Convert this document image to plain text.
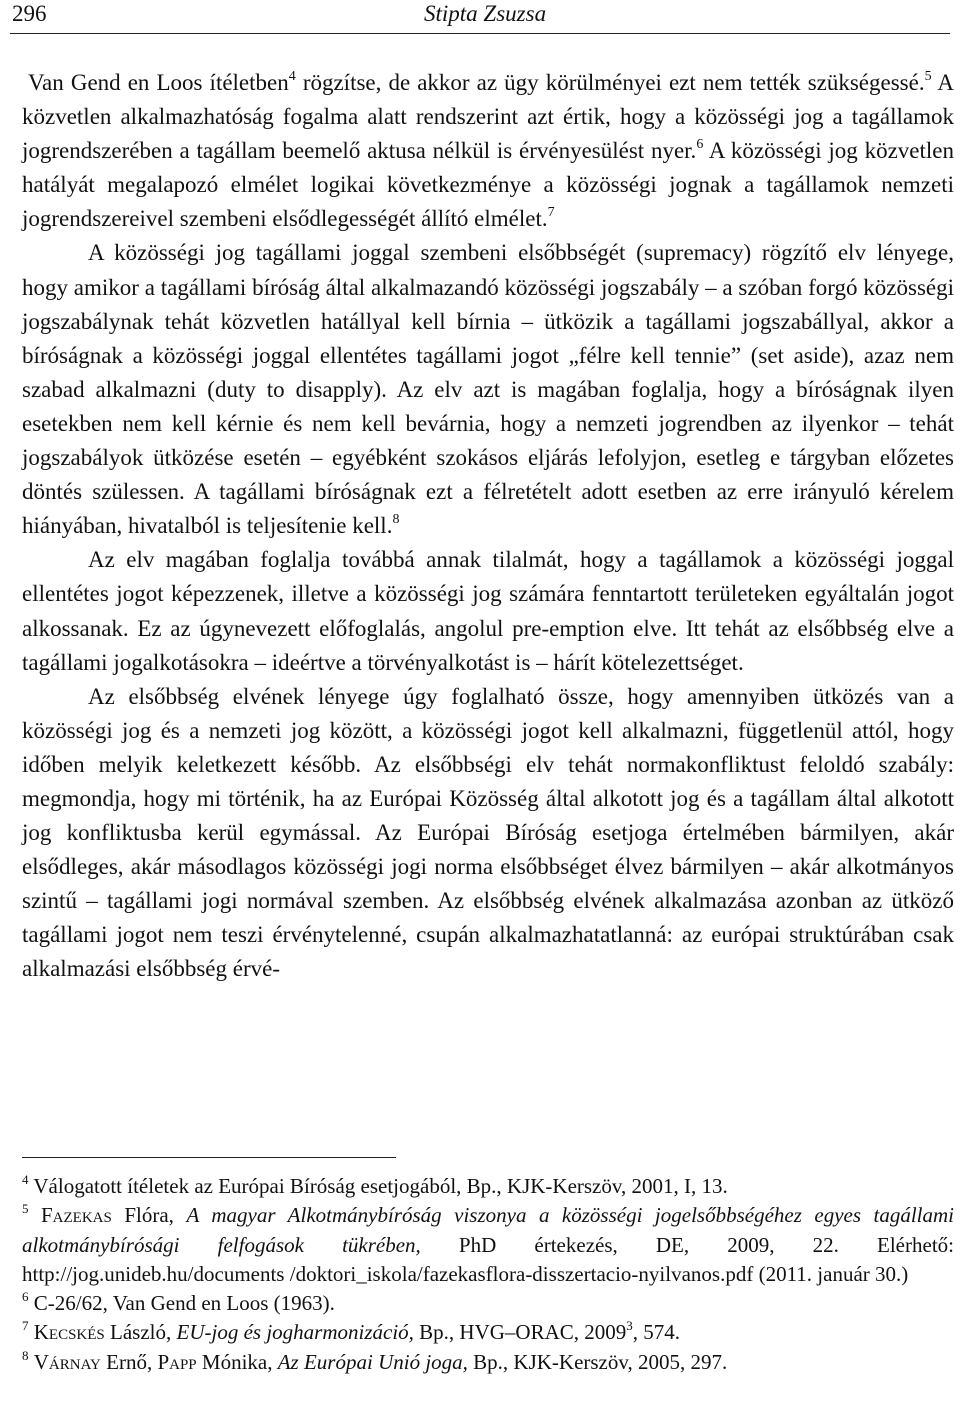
296	Stipta Zsuzsa

Van Gend en Loos ítéletben$^4$ rögzítse, de akkor az ügy körülményei ezt nem tették szükségessé.$^5$ A közvetlen alkalmazhatóság fogalma alatt rendszerint azt értik, hogy a közösségi jog a tagállamok jogrendszerében a tagállam beemelő aktusa nélkül is érvényesülést nyer.$^6$ A közösségi jog közvetlen hatályát megalapozó elmélet logikai következménye a közösségi jognak a tagállamok nemzeti jogrendszereivel szembeni elsődlegességét állító elmélet.$^7$

A közösségi jog tagállami joggal szembeni elsőbbségét (supremacy) rögzítő elv lényege, hogy amikor a tagállami bíróság által alkalmazandó közösségi jogszabály – a szóban forgó közösségi jogszabálynak tehát közvetlen hatállyal kell bírnia – ütközik a tagállami jogszabállyal, akkor a bíróságnak a közösségi joggal ellentétes tagállami jogot „félre kell tennie” (set aside), azaz nem szabad alkalmazni (duty to disapply). Az elv azt is magában foglalja, hogy a bíróságnak ilyen esetekben nem kell kérnie és nem kell bevárnia, hogy a nemzeti jogrendben az ilyenkor – tehát jogszabályok ütközése esetén – egyébként szokásos eljárás lefolyjon, esetleg e tárgyban előzetes döntés szülessen. A tagállami bíróságnak ezt a félretételt adott esetben az erre irányuló kérelem hiányában, hivatalból is teljesítenie kell.$^8$

Az elv magában foglalja továbbá annak tilalmát, hogy a tagállamok a közösségi joggal ellentétes jogot képezzenek, illetve a közösségi jog számára fenntartott területeken egyáltalán jogot alkossanak. Ez az úgynevezett előfoglalás, angolul pre-emption elve. Itt tehát az elsőbbség elve a tagállami jogalkotásokra – ideértve a törvényalkotást is – hárít kötelezettséget.

Az elsőbbség elvének lényege úgy foglalható össze, hogy amennyiben ütközés van a közösségi jog és a nemzeti jog között, a közösségi jogot kell alkalmazni, függetlenül attól, hogy időben melyik keletkezett később. Az elsőbbségi elv tehát normakonfliktust feloldó szabály: megmondja, hogy mi történik, ha az Európai Közösség által alkotott jog és a tagállam által alkotott jog konfliktusba kerül egymással. Az Európai Bíróság esetjoga értelmében bármilyen, akár elsődleges, akár másodlagos közösségi jogi norma elsőbbséget élvez bármilyen – akár alkotmányos szintű – tagállami jogi normával szemben. Az elsőbbség elvének alkalmazása azonban az ütköző tagállami jogot nem teszi érvénytelenné, csupán alkalmazhatatlanná: az európai struktúrában csak alkalmazási elsőbbség érvé-

$^4$ Válogatott ítéletek az Európai Bíróság esetjogából, Bp., KJK-Kerszöv, 2001, I, 13.

$^5$ Fazekas Flóra, A magyar Alkotmánybíróság viszonya a közösségi jogelsőbbségéhez egyes tagállami alkotmánybírósági felfogások tükrében, PhD értekezés, DE, 2009, 22. Elérhető: http://jog.unideb.hu/documents /doktori_iskola/fazekasflora-disszertacio-nyilvanos.pdf (2011. január 30.)

$^6$ C-26/62, Van Gend en Loos (1963).

$^7$ Kecskés László, EU-jog és jogharmonizáció, Bp., HVG–ORAC, 2009$^3$, 574.

$^8$ Várnay Ernő, Papp Mónika, Az Európai Unió joga, Bp., KJK-Kerszöv, 2005, 297.
